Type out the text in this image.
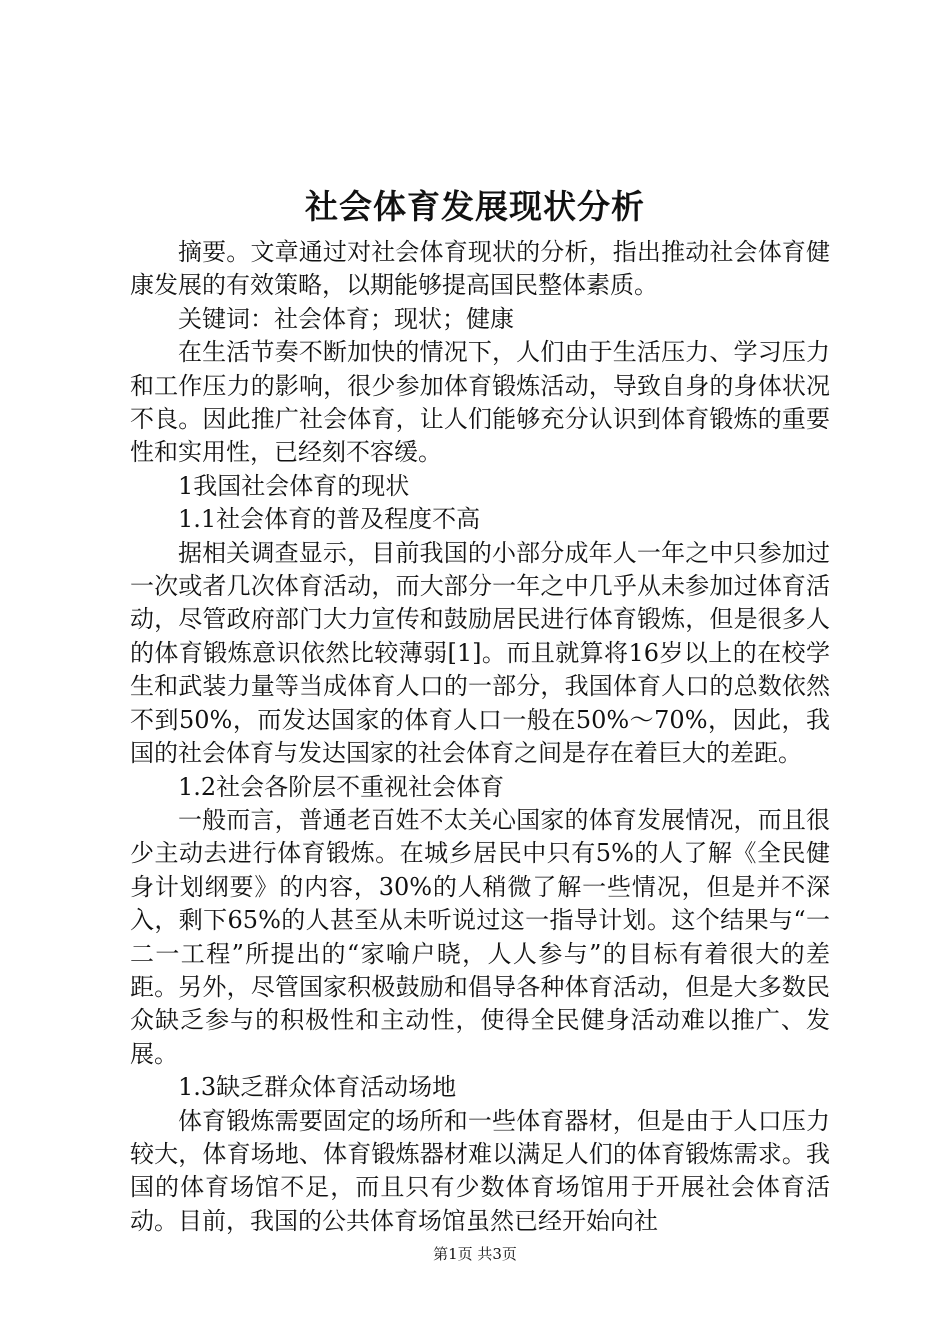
社会体育发展现状分析

摘要。文章通过对社会体育现状的分析，指出推动社会体育健康发展的有效策略，以期能够提高国民整体素质。

关键词：社会体育；现状；健康

在生活节奏不断加快的情况下，人们由于生活压力、学习压力和工作压力的影响，很少参加体育锻炼活动，导致自身的身体状况不良。因此推广社会体育，让人们能够充分认识到体育锻炼的重要性和实用性，已经刻不容缓。

1我国社会体育的现状

1.1社会体育的普及程度不高

据相关调查显示，目前我国的小部分成年人一年之中只参加过一次或者几次体育活动，而大部分一年之中几乎从未参加过体育活动，尽管政府部门大力宣传和鼓励居民进行体育锻炼，但是很多人的体育锻炼意识依然比较薄弱[1]。而且就算将16岁以上的在校学生和武装力量等当成体育人口的一部分，我国体育人口的总数依然不到50%，而发达国家的体育人口一般在50%～70%，因此，我国的社会体育与发达国家的社会体育之间是存在着巨大的差距。

1.2社会各阶层不重视社会体育

一般而言，普通老百姓不太关心国家的体育发展情况，而且很少主动去进行体育锻炼。在城乡居民中只有5%的人了解《全民健身计划纲要》的内容，30%的人稍微了解一些情况，但是并不深入，剩下65%的人甚至从未听说过这一指导计划。这个结果与“一二一工程”所提出的“家喻户晓，人人参与”的目标有着很大的差距。另外，尽管国家积极鼓励和倡导各种体育活动，但是大多数民众缺乏参与的积极性和主动性，使得全民健身活动难以推广、发展。

1.3缺乏群众体育活动场地

体育锻炼需要固定的场所和一些体育器材，但是由于人口压力较大，体育场地、体育锻炼器材难以满足人们的体育锻炼需求。我国的体育场馆不足，而且只有少数体育场馆用于开展社会体育活动。目前，我国的公共体育场馆虽然已经开始向社

第1页 共3页
